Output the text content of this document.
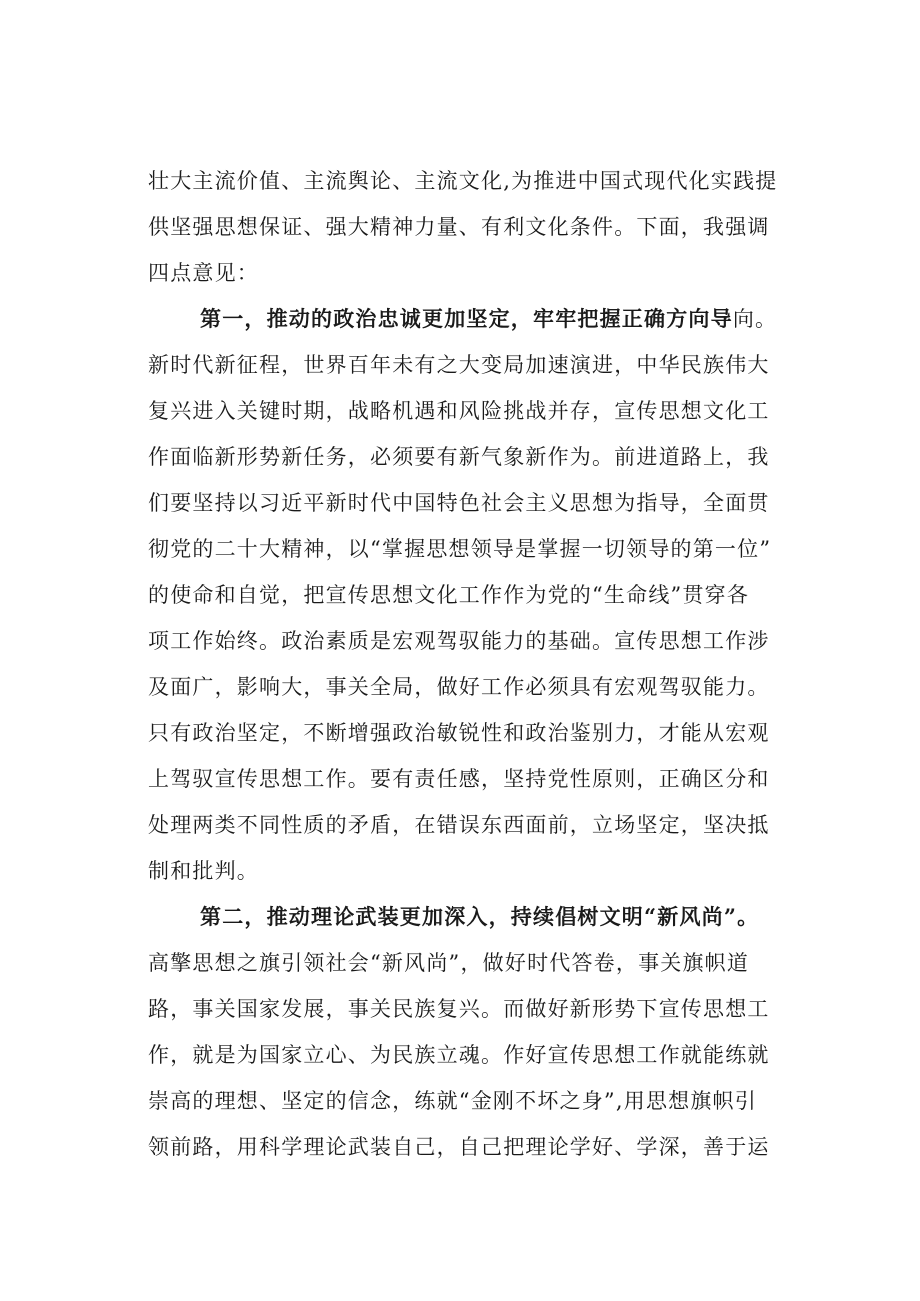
壮大主流价值、主流舆论、主流文化,为推进中国式现代化实践提
供坚强思想保证、强大精神力量、有利文化条件。下面，我强调
四点意见：
第一，推动的政治忠诚更加坚定，牢牢把握正确方向导向。
新时代新征程，世界百年未有之大变局加速演进，中华民族伟大
复兴进入关键时期，战略机遇和风险挑战并存，宣传思想文化工
作面临新形势新任务，必须要有新气象新作为。前进道路上，我
们要坚持以习近平新时代中国特色社会主义思想为指导，全面贯
彻党的二十大精神，以“掌握思想领导是掌握一切领导的第一位”
的使命和自觉，把宣传思想文化工作作为党的“生命线”贯穿各
项工作始终。政治素质是宏观驾驭能力的基础。宣传思想工作涉
及面广，影响大，事关全局，做好工作必须具有宏观驾驭能力。
只有政治坚定，不断增强政治敏锐性和政治鉴别力，才能从宏观
上驾驭宣传思想工作。要有责任感，坚持党性原则，正确区分和
处理两类不同性质的矛盾，在错误东西面前，立场坚定，坚决抵
制和批判。
第二，推动理论武装更加深入，持续倡树文明“新风尚”。
高擎思想之旗引领社会“新风尚”，做好时代答卷，事关旗帜道
路，事关国家发展，事关民族复兴。而做好新形势下宣传思想工
作，就是为国家立心、为民族立魂。作好宣传思想工作就能练就
崇高的理想、坚定的信念，练就“金刚不坏之身”,用思想旗帜引
领前路，用科学理论武装自己，自己把理论学好、学深，善于运
